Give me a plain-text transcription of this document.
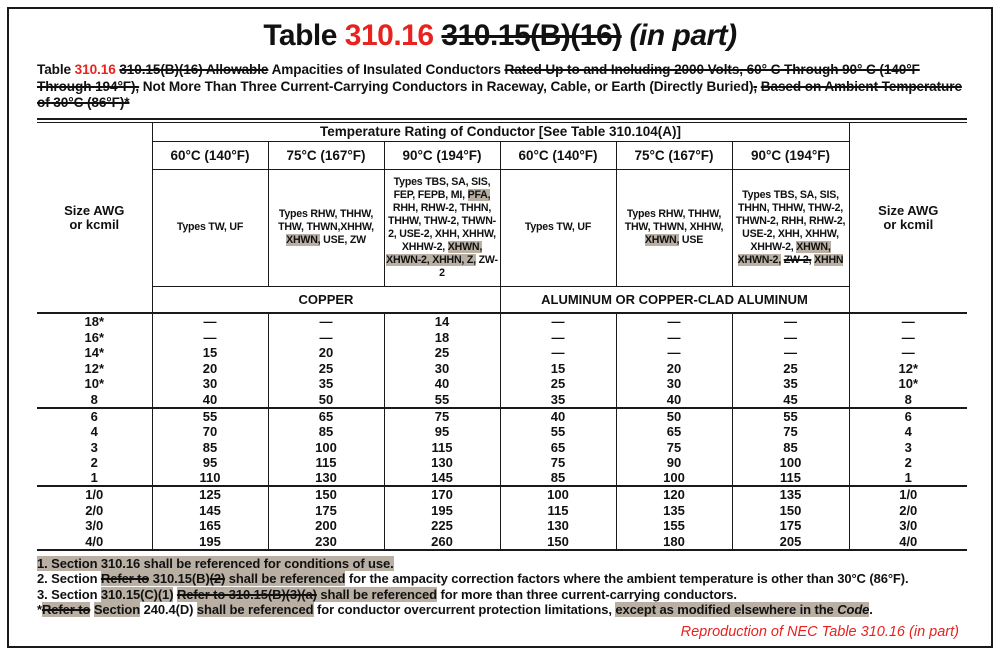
Table 310.16 310.15(B)(16) (in part)
Table 310.16 310.15(B)(16) Allowable Ampacities of Insulated Conductors Rated Up to and Including 2000 Volts, 60° C Through 90° C (140°F Through 194°F), Not More Than Three Current-Carrying Conductors in Raceway, Cable, or Earth (Directly Buried), Based on Ambient Temperature of 30°C (86°F)*
Size AWG
or kcmil	Temperature Rating of Conductor [See Table 310.104(A)]						Size AWG
or kcmil
	60°C (140°F)	75°C (167°F)	90°C (194°F)	60°C (140°F)	75°C (167°F)	90°C (194°F)	
	Types TW, UF	Types RHW, THHW, THW, THWN,XHHW, XHWN, USE, ZW	Types TBS, SA, SIS, FEP, FEPB, MI, PFA, RHH, RHW-2, THHN, THHW, THW-2, THWN-2, USE-2, XHH, XHHW, XHHW-2, XHWN, XHWN-2, XHHN, Z, ZW-2	Types TW, UF	Types RHW, THHW, THW, THWN, XHHW, XHWN, USE	Types TBS, SA, SIS, THHN, THHW, THW-2, THWN-2, RHH, RHW-2, USE-2, XHH, XHHW, XHHW-2, XHWN, XHWN-2, ZW-2, XHHN	
	COPPER			ALUMINUM OR COPPER-CLAD ALUMINUM			
18*	—	—	14	—	—	—	—
16*	—	—	18	—	—	—	—
14*	15	20	25	—	—	—	—
12*	20	25	30	15	20	25	12*
10*	30	35	40	25	30	35	10*
8	40	50	55	35	40	45	8
6	55	65	75	40	50	55	6
4	70	85	95	55	65	75	4
3	85	100	115	65	75	85	3
2	95	115	130	75	90	100	2
1	110	130	145	85	100	115	1
1/0	125	150	170	100	120	135	1/0
2/0	145	175	195	115	135	150	2/0
3/0	165	200	225	130	155	175	3/0
4/0	195	230	260	150	180	205	4/0
1. Section 310.16 shall be referenced for conditions of use.
2. Section Refer to 310.15(B)(2) shall be referenced for the ampacity correction factors where the ambient temperature is other than 30°C (86°F).
3. Section 310.15(C)(1) Refer to 310.15(B)(3)(a) shall be referenced for more than three current-carrying conductors.
*Refer to Section 240.4(D) shall be referenced for conductor overcurrent protection limitations, except as modified elsewhere in the Code.
Reproduction of NEC Table 310.16 (in part)
